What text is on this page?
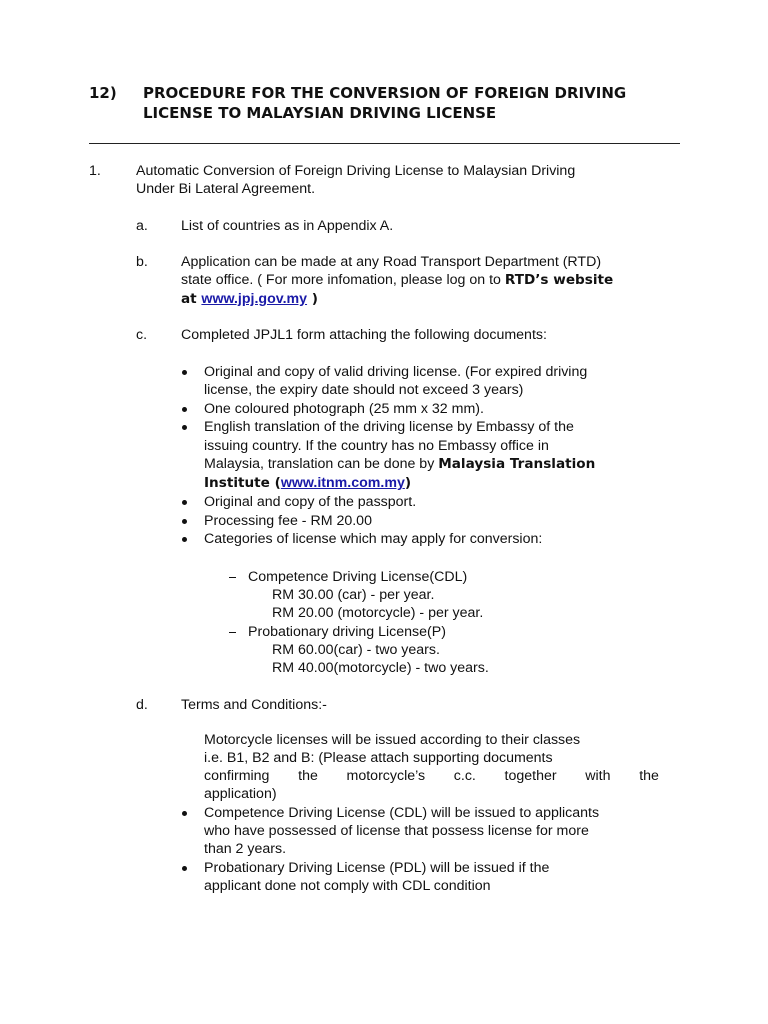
12) PROCEDURE FOR THE CONVERSION OF FOREIGN DRIVING
LICENSE TO MALAYSIAN DRIVING LICENSE
1. Automatic Conversion of Foreign Driving License to Malaysian Driving
Under Bi Lateral Agreement.
a. List of countries as in Appendix A.
b. Application can be made at any Road Transport Department (RTD)
state office. ( For more infomation, please log on to RTD’s website
at www.jpj.gov.my )
c. Completed JPJL1 form attaching the following documents:
Original and copy of valid driving license. (For expired driving
license, the expiry date should not exceed 3 years)
One coloured photograph (25 mm x 32 mm).
English translation of the driving license by Embassy of the
issuing country. If the country has no Embassy office in
Malaysia, translation can be done by Malaysia Translation
Institute (www.itnm.com.my)
Original and copy of the passport.
Processing fee - RM 20.00
Categories of license which may apply for conversion:
Competence Driving License(CDL)
RM 30.00 (car) - per year.
RM 20.00 (motorcycle) - per year.
Probationary driving License(P)
RM 60.00(car) - two years.
RM 40.00(motorcycle) - two years.
d. Terms and Conditions:-
Motorcycle licenses will be issued according to their classes
i.e. B1, B2 and B: (Please attach supporting documents
confirming the motorcycle’s c.c. together with the
application)
Competence Driving License (CDL) will be issued to applicants
who have possessed of license that possess license for more
than 2 years.
Probationary Driving License (PDL) will be issued if the
applicant done not comply with CDL condition
